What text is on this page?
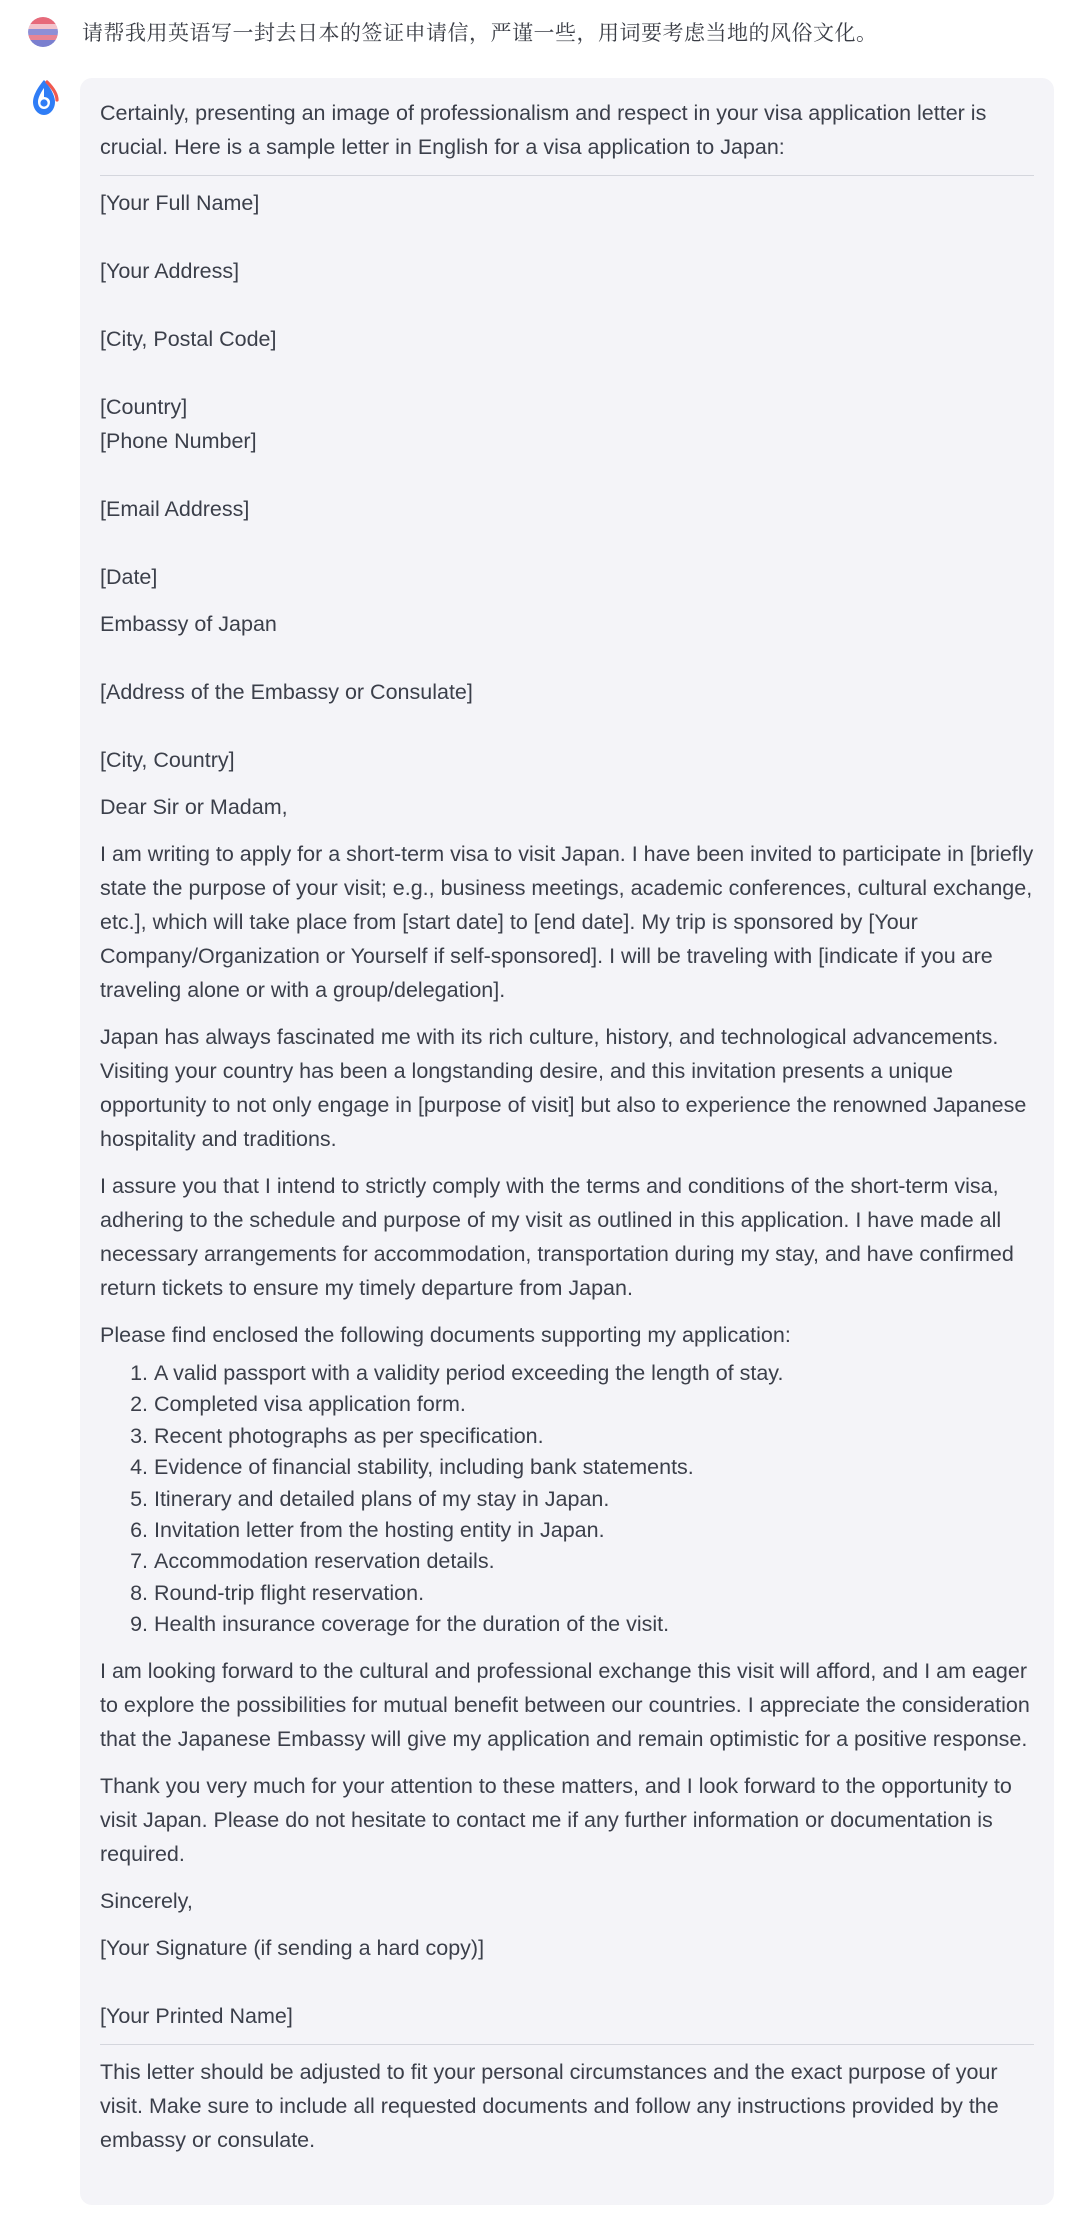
请帮我用英语写一封去日本的签证申请信，严谨一些，用词要考虑当地的风俗文化。

Certainly, presenting an image of professionalism and respect in your visa application letter is crucial. Here is a sample letter in English for a visa application to Japan:

[Your Full Name]

[Your Address]

[City, Postal Code]

[Country]

[Phone Number]

[Email Address]

[Date]

Embassy of Japan

[Address of the Embassy or Consulate]

[City, Country]

Dear Sir or Madam,

I am writing to apply for a short-term visa to visit Japan. I have been invited to participate in [briefly state the purpose of your visit; e.g., business meetings, academic conferences, cultural exchange, etc.], which will take place from [start date] to [end date]. My trip is sponsored by [Your Company/Organization or Yourself if self-sponsored]. I will be traveling with [indicate if you are traveling alone or with a group/delegation].

Japan has always fascinated me with its rich culture, history, and technological advancements. Visiting your country has been a longstanding desire, and this invitation presents a unique opportunity to not only engage in [purpose of visit] but also to experience the renowned Japanese hospitality and traditions.

I assure you that I intend to strictly comply with the terms and conditions of the short-term visa, adhering to the schedule and purpose of my visit as outlined in this application. I have made all necessary arrangements for accommodation, transportation during my stay, and have confirmed return tickets to ensure my timely departure from Japan.

Please find enclosed the following documents supporting my application:

1.
A valid passport with a validity period exceeding the length of stay.
2.
Completed visa application form.
3.
Recent photographs as per specification.
4.
Evidence of financial stability, including bank statements.
5.
Itinerary and detailed plans of my stay in Japan.
6.
Invitation letter from the hosting entity in Japan.
7.
Accommodation reservation details.
8.
Round-trip flight reservation.
9.
Health insurance coverage for the duration of the visit.

I am looking forward to the cultural and professional exchange this visit will afford, and I am eager to explore the possibilities for mutual benefit between our countries. I appreciate the consideration that the Japanese Embassy will give my application and remain optimistic for a positive response.

Thank you very much for your attention to these matters, and I look forward to the opportunity to visit Japan. Please do not hesitate to contact me if any further information or documentation is required.

Sincerely,

[Your Signature (if sending a hard copy)]

[Your Printed Name]

This letter should be adjusted to fit your personal circumstances and the exact purpose of your visit. Make sure to include all requested documents and follow any instructions provided by the embassy or consulate.
